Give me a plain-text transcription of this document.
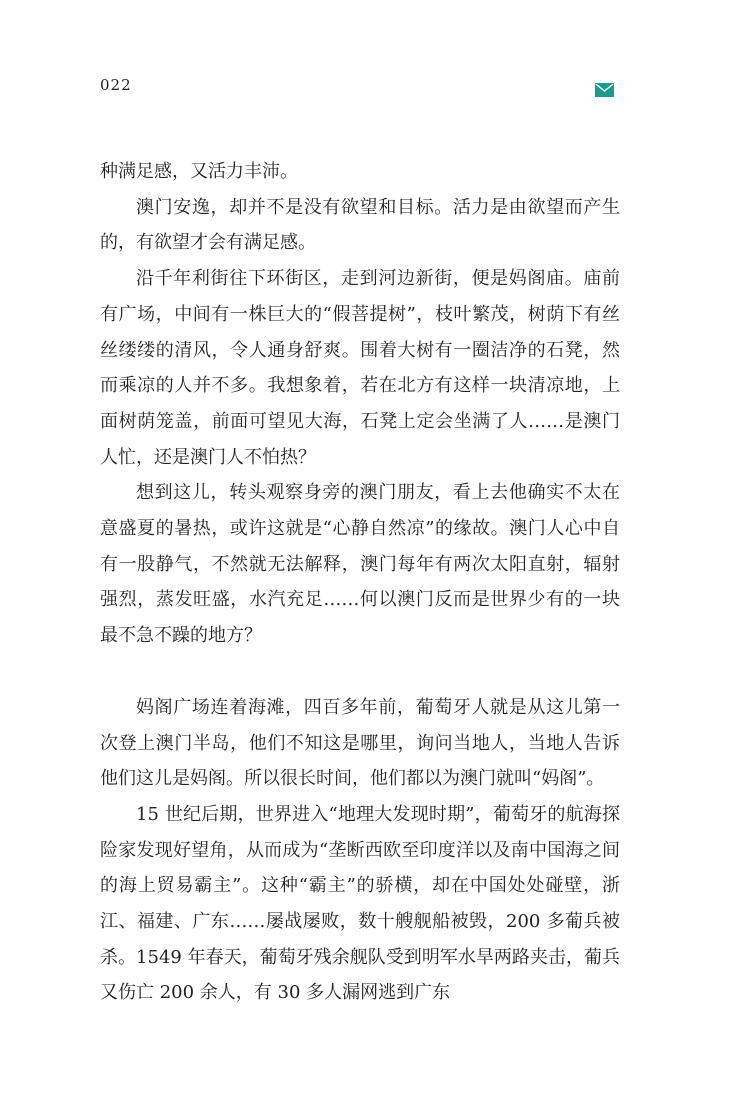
022

种满足感，又活力丰沛。

澳门安逸，却并不是没有欲望和目标。活力是由欲望而产生的，有欲望才会有满足感。

沿千年利街往下环街区，走到河边新街，便是妈阁庙。庙前有广场，中间有一株巨大的“假菩提树”，枝叶繁茂，树荫下有丝丝缕缕的清风，令人通身舒爽。围着大树有一圈洁净的石凳，然而乘凉的人并不多。我想象着，若在北方有这样一块清凉地，上面树荫笼盖，前面可望见大海，石凳上定会坐满了人……是澳门人忙，还是澳门人不怕热？

想到这儿，转头观察身旁的澳门朋友，看上去他确实不太在意盛夏的暑热，或许这就是“心静自然凉”的缘故。澳门人心中自有一股静气，不然就无法解释，澳门每年有两次太阳直射，辐射强烈，蒸发旺盛，水汽充足……何以澳门反而是世界少有的一块最不急不躁的地方？

妈阁广场连着海滩，四百多年前，葡萄牙人就是从这儿第一次登上澳门半岛，他们不知这是哪里，询问当地人，当地人告诉他们这儿是妈阁。所以很长时间，他们都以为澳门就叫“妈阁”。

15 世纪后期，世界进入“地理大发现时期”，葡萄牙的航海探险家发现好望角，从而成为“垄断西欧至印度洋以及南中国海之间的海上贸易霸主”。这种“霸主”的骄横，却在中国处处碰壁，浙江、福建、广东……屡战屡败，数十艘舰船被毁，200 多葡兵被杀。1549 年春天，葡萄牙残余舰队受到明军水旱两路夹击，葡兵又伤亡 200 余人，有 30 多人漏网逃到广东
